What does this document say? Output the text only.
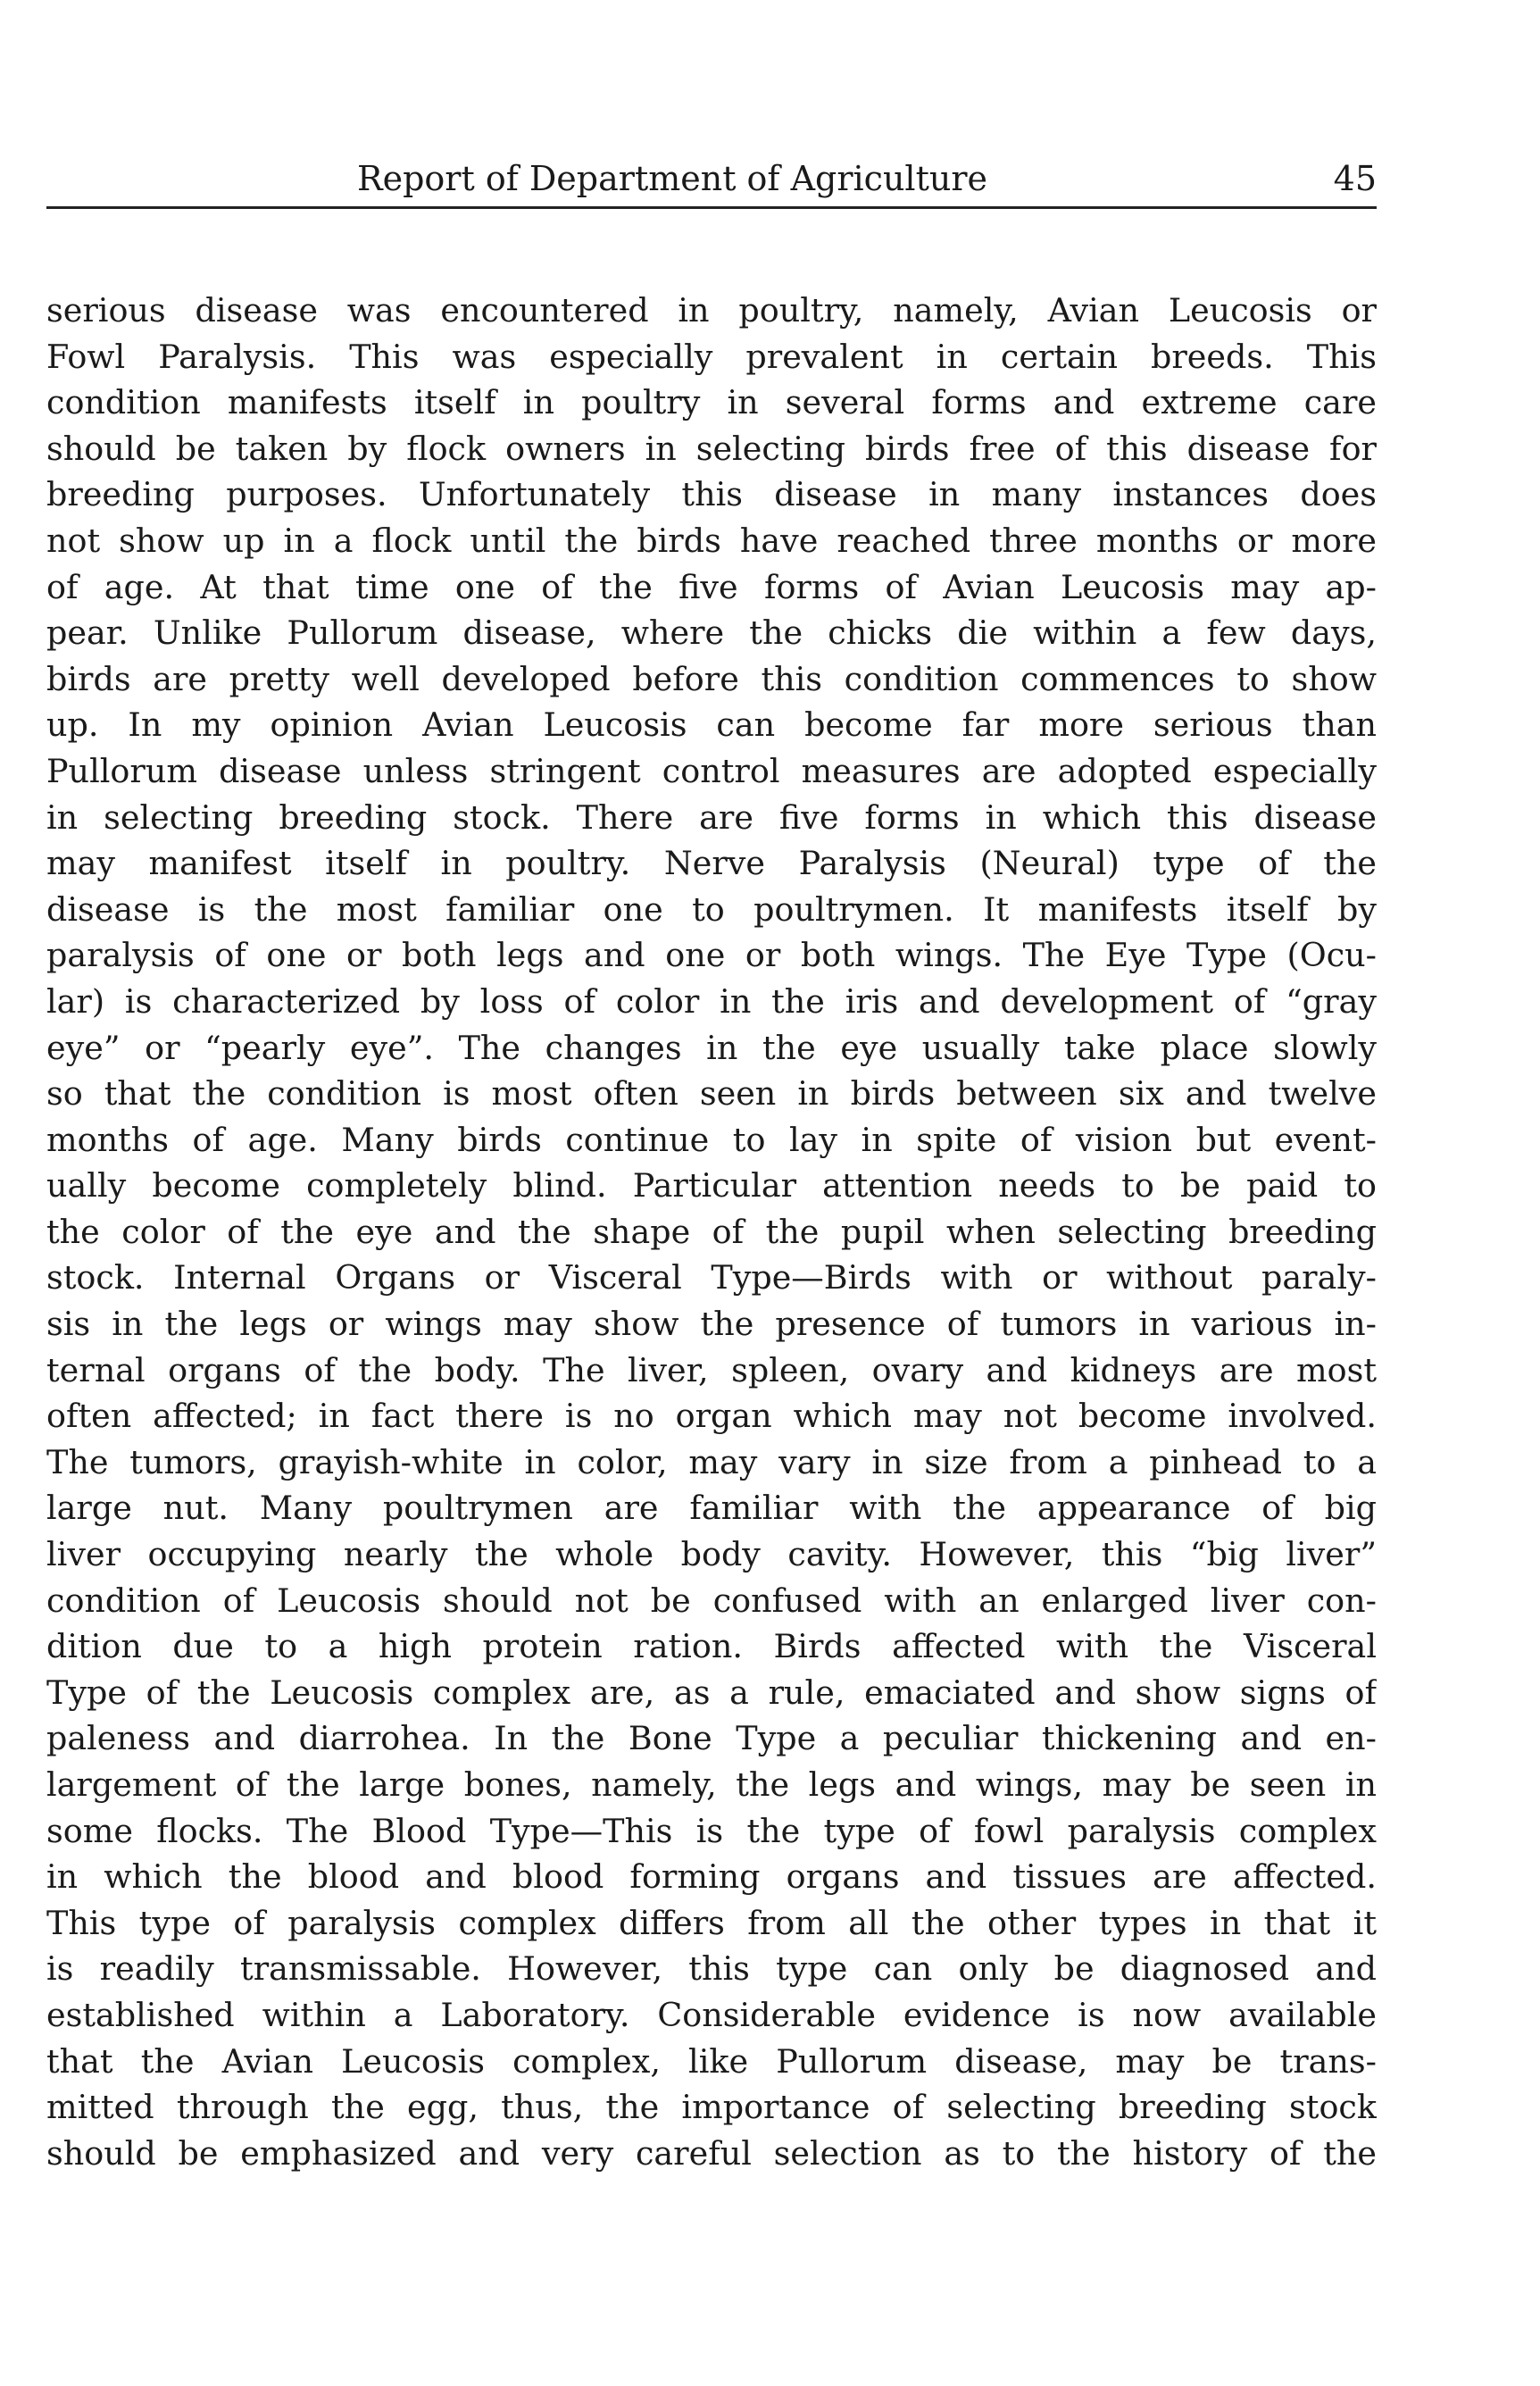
Report of Department of Agriculture	45
serious disease was encountered in poultry, namely, Avian Leucosis or
Fowl Paralysis. This was especially prevalent in certain breeds. This
condition manifests itself in poultry in several forms and extreme care
should be taken by flock owners in selecting birds free of this disease for
breeding purposes. Unfortunately this disease in many instances does
not show up in a flock until the birds have reached three months or more
of age. At that time one of the five forms of Avian Leucosis may ap-
pear. Unlike Pullorum disease, where the chicks die within a few days,
birds are pretty well developed before this condition commences to show
up. In my opinion Avian Leucosis can become far more serious than
Pullorum disease unless stringent control measures are adopted especially
in selecting breeding stock. There are five forms in which this disease
may manifest itself in poultry. Nerve Paralysis (Neural) type of the
disease is the most familiar one to poultrymen. It manifests itself by
paralysis of one or both legs and one or both wings. The Eye Type (Ocu-
lar) is characterized by loss of color in the iris and development of “gray
eye” or “pearly eye”. The changes in the eye usually take place slowly
so that the condition is most often seen in birds between six and twelve
months of age. Many birds continue to lay in spite of vision but event-
ually become completely blind. Particular attention needs to be paid to
the color of the eye and the shape of the pupil when selecting breeding
stock. Internal Organs or Visceral Type—Birds with or without paraly-
sis in the legs or wings may show the presence of tumors in various in-
ternal organs of the body. The liver, spleen, ovary and kidneys are most
often affected; in fact there is no organ which may not become involved.
The tumors, grayish-white in color, may vary in size from a pinhead to a
large nut. Many poultrymen are familiar with the appearance of big
liver occupying nearly the whole body cavity. However, this “big liver”
condition of Leucosis should not be confused with an enlarged liver con-
dition due to a high protein ration. Birds affected with the Visceral
Type of the Leucosis complex are, as a rule, emaciated and show signs of
paleness and diarrohea. In the Bone Type a peculiar thickening and en-
largement of the large bones, namely, the legs and wings, may be seen in
some flocks. The Blood Type—This is the type of fowl paralysis complex
in which the blood and blood forming organs and tissues are affected.
This type of paralysis complex differs from all the other types in that it
is readily transmissable. However, this type can only be diagnosed and
established within a Laboratory. Considerable evidence is now available
that the Avian Leucosis complex, like Pullorum disease, may be trans-
mitted through the egg, thus, the importance of selecting breeding stock
should be emphasized and very careful selection as to the history of the
